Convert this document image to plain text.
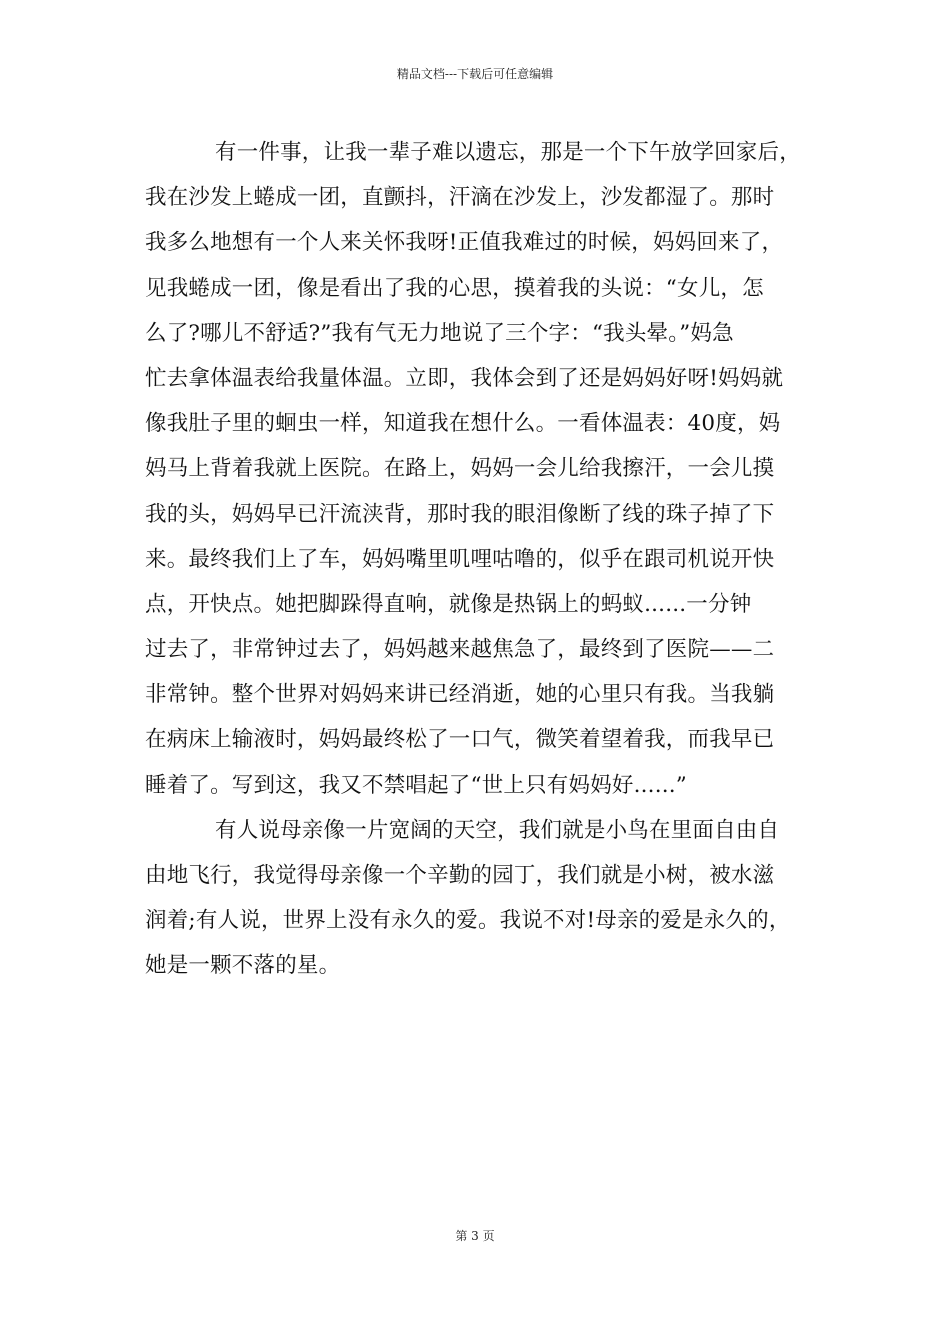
精品文档---下载后可任意编辑
有一件事，让我一辈子难以遗忘，那是一个下午放学回家后，
我在沙发上蜷成一团，直颤抖，汗滴在沙发上，沙发都湿了。那时
我多么地想有一个人来关怀我呀!正值我难过的时候，妈妈回来了，
见我蜷成一团，像是看出了我的心思，摸着我的头说：“女儿，怎
么了?哪儿不舒适?”我有气无力地说了三个字：“我头晕。”妈急
忙去拿体温表给我量体温。立即，我体会到了还是妈妈好呀!妈妈就
像我肚子里的蛔虫一样，知道我在想什么。一看体温表：40度，妈
妈马上背着我就上医院。在路上，妈妈一会儿给我擦汗，一会儿摸
我的头，妈妈早已汗流浃背，那时我的眼泪像断了线的珠子掉了下
来。最终我们上了车，妈妈嘴里叽哩咕噜的，似乎在跟司机说开快
点，开快点。她把脚跺得直响，就像是热锅上的蚂蚁......一分钟
过去了，非常钟过去了，妈妈越来越焦急了，最终到了医院——二
非常钟。整个世界对妈妈来讲已经消逝，她的心里只有我。当我躺
在病床上输液时，妈妈最终松了一口气，微笑着望着我，而我早已
睡着了。写到这，我又不禁唱起了“世上只有妈妈好......”
有人说母亲像一片宽阔的天空，我们就是小鸟在里面自由自
由地飞行，我觉得母亲像一个辛勤的园丁，我们就是小树，被水滋
润着;有人说，世界上没有永久的爱。我说不对!母亲的爱是永久的，
她是一颗不落的星。
第 3 页
